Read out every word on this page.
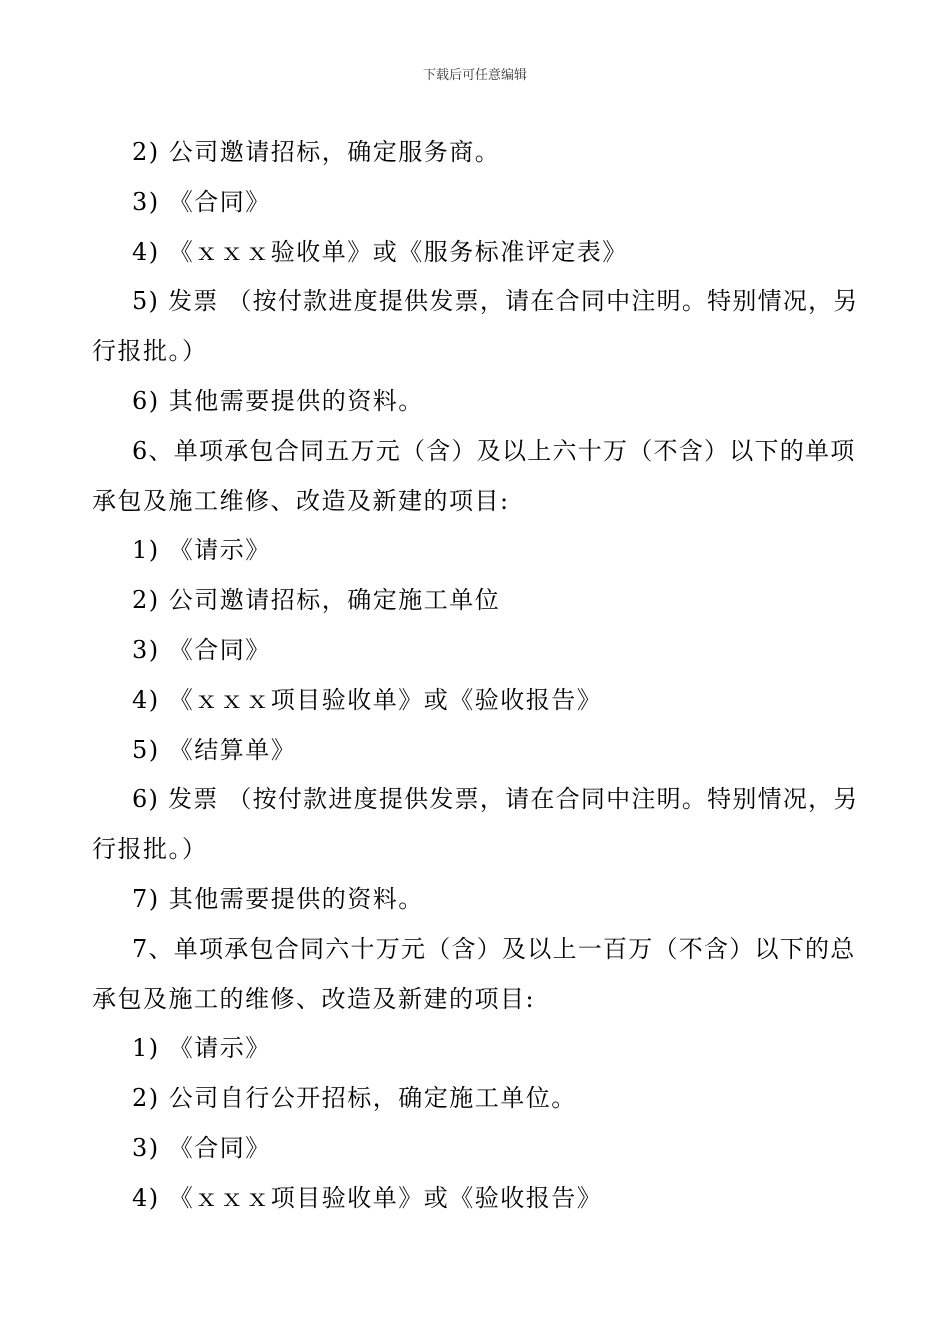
下载后可任意编辑
2) 公司邀请招标，确定服务商。
3) 《合同》
4) 《ｘｘｘ验收单》或《服务标准评定表》
5) 发票 （按付款进度提供发票，请在合同中注明。特别情况，另
行报批。）
6) 其他需要提供的资料。
6、单项承包合同五万元（含）及以上六十万（不含）以下的单项
承包及施工维修、改造及新建的项目:
1) 《请示》
2) 公司邀请招标，确定施工单位
3) 《合同》
4) 《ｘｘｘ项目验收单》或《验收报告》
5) 《结算单》
6) 发票 （按付款进度提供发票，请在合同中注明。特别情况，另
行报批。）
7) 其他需要提供的资料。
7、单项承包合同六十万元（含）及以上一百万（不含）以下的总
承包及施工的维修、改造及新建的项目:
1) 《请示》
2) 公司自行公开招标，确定施工单位。
3) 《合同》
4) 《ｘｘｘ项目验收单》或《验收报告》
